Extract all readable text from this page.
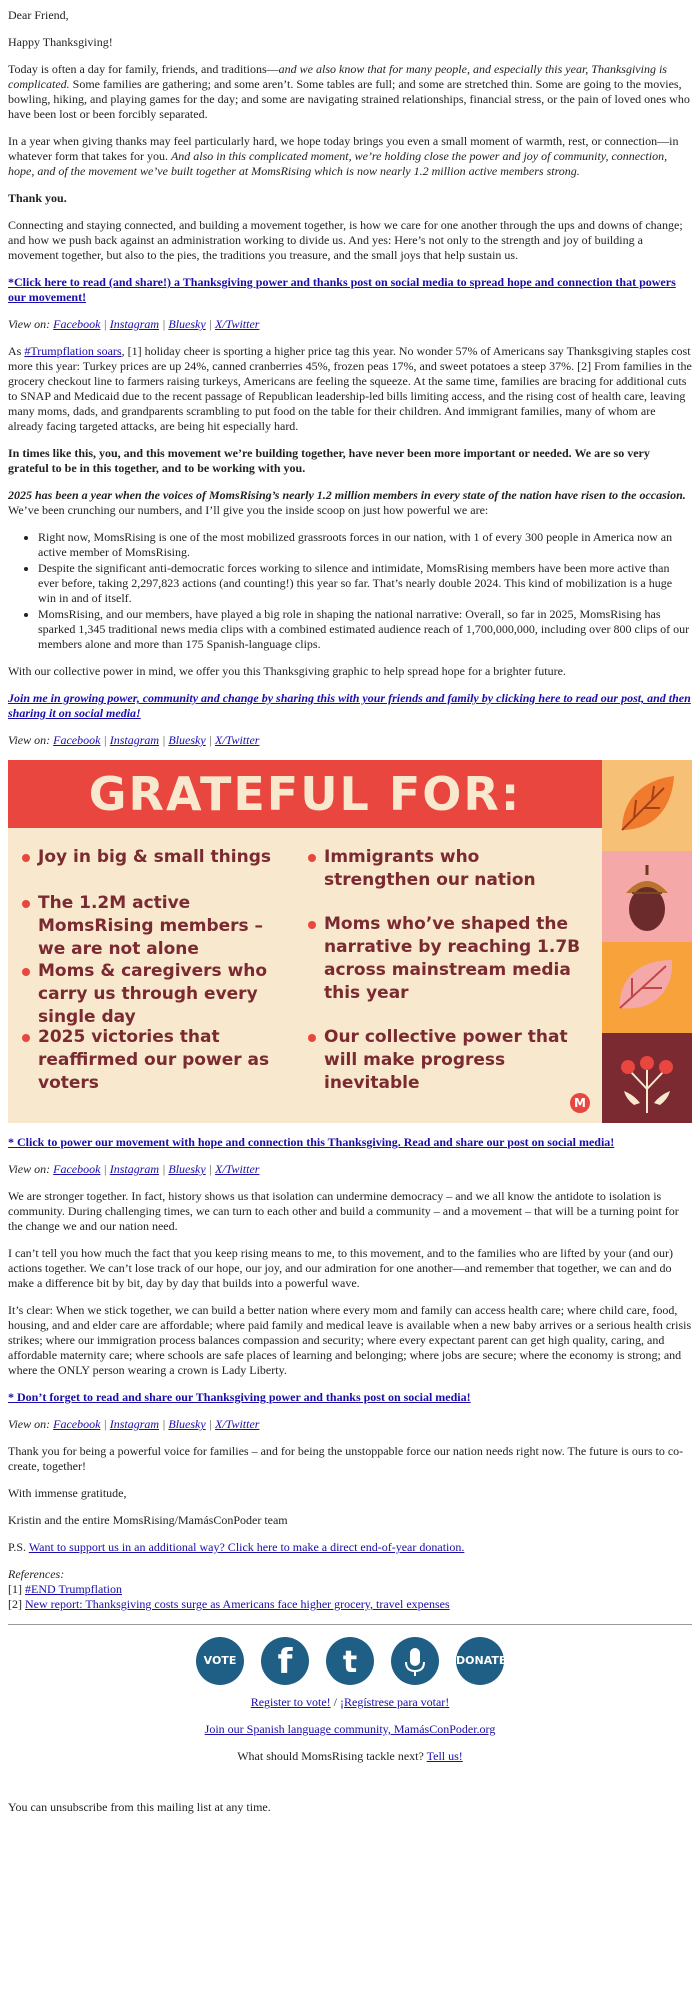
Dear Friend,

Happy Thanksgiving!

Today is often a day for family, friends, and traditions—and we also know that for many people, and especially this year, Thanksgiving is complicated. Some families are gathering; and some aren’t. Some tables are full; and some are stretched thin. Some are going to the movies, bowling, hiking, and playing games for the day; and some are navigating strained relationships, financial stress, or the pain of loved ones who have been lost or been forcibly separated.

In a year when giving thanks may feel particularly hard, we hope today brings you even a small moment of warmth, rest, or connection—in whatever form that takes for you. And also in this complicated moment, we’re holding close the power and joy of community, connection, hope, and of the movement we’ve built together at MomsRising which is now nearly 1.2 million active members strong.

Thank you.

Connecting and staying connected, and building a movement together, is how we care for one another through the ups and downs of change; and how we push back against an administration working to divide us. And yes: Here’s not only to the strength and joy of building a movement together, but also to the pies, the traditions you treasure, and the small joys that help sustain us.

*Click here to read (and share!) a Thanksgiving power and thanks post on social media to spread hope and connection that powers our movement!

View on: Facebook | Instagram | Bluesky | X/Twitter

As #Trumpflation soars, [1] holiday cheer is sporting a higher price tag this year. No wonder 57% of Americans say Thanksgiving staples cost more this year: Turkey prices are up 24%, canned cranberries 45%, frozen peas 17%, and sweet potatoes a steep 37%. [2] From families in the grocery checkout line to farmers raising turkeys, Americans are feeling the squeeze. At the same time, families are bracing for additional cuts to SNAP and Medicaid due to the recent passage of Republican leadership-led bills limiting access, and the rising cost of health care, leaving many moms, dads, and grandparents scrambling to put food on the table for their children. And immigrant families, many of whom are already facing targeted attacks, are being hit especially hard.

In times like this, you, and this movement we’re building together, have never been more important or needed. We are so very grateful to be in this together, and to be working with you.

2025 has been a year when the voices of MomsRising’s nearly 1.2 million members in every state of the nation have risen to the occasion. We’ve been crunching our numbers, and I’ll give you the inside scoop on just how powerful we are:

• Right now, MomsRising is one of the most mobilized grassroots forces in our nation, with 1 of every 300 people in America now an active member of MomsRising.
• Despite the significant anti-democratic forces working to silence and intimidate, MomsRising members have been more active than ever before, taking 2,297,823 actions (and counting!) this year so far. That’s nearly double 2024. This kind of mobilization is a huge win in and of itself.
• MomsRising, and our members, have played a big role in shaping the national narrative: Overall, so far in 2025, MomsRising has sparked 1,345 traditional news media clips with a combined estimated audience reach of 1,700,000,000, including over 800 clips of our members alone and more than 175 Spanish-language clips.

With our collective power in mind, we offer you this Thanksgiving graphic to help spread hope for a brighter future.

Join me in growing power, community and change by sharing this with your friends and family by clicking here to read our post, and then sharing it on social media!

View on: Facebook | Instagram | Bluesky | X/Twitter
GRATEFUL FOR:
Joy in big & small things
The 1.2M active MomsRising members – we are not alone
Moms & caregivers who carry us through every single day
2025 victories that reaffirmed our power as voters
Immigrants who strengthen our nation
Moms who’ve shaped the narrative by reaching 1.7B across mainstream media this year
Our collective power that will make progress inevitable
M

* Click to power our movement with hope and connection this Thanksgiving. Read and share our post on social media!

View on: Facebook | Instagram | Bluesky | X/Twitter

We are stronger together. In fact, history shows us that isolation can undermine democracy – and we all know the antidote to isolation is community. During challenging times, we can turn to each other and build a community – and a movement – that will be a turning point for the change we and our nation need.

I can’t tell you how much the fact that you keep rising means to me, to this movement, and to the families who are lifted by your (and our) actions together. We can’t lose track of our hope, our joy, and our admiration for one another—and remember that together, we can and do make a difference bit by bit, day by day that builds into a powerful wave.

It’s clear: When we stick together, we can build a better nation where every mom and family can access health care; where child care, food, housing, and and elder care are affordable; where paid family and medical leave is available when a new baby arrives or a serious health crisis strikes; where our immigration process balances compassion and security; where every expectant parent can get high quality, caring, and affordable maternity care; where schools are safe places of learning and belonging; where jobs are secure; where the economy is strong; and where the ONLY person wearing a crown is Lady Liberty.

* Don’t forget to read and share our Thanksgiving power and thanks post on social media!

View on: Facebook | Instagram | Bluesky | X/Twitter

Thank you for being a powerful voice for families – and for being the unstoppable force our nation needs right now. The future is ours to co-create, together!

With immense gratitude,

Kristin and the entire MomsRising/MamásConPoder team

P.S. Want to support us in an additional way? Click here to make a direct end-of-year donation.

References:
[1] #END Trumpflation
[2] New report: Thanksgiving costs surge as Americans face higher grocery, travel expenses
VOTE f
t
	DONATE

Register to vote! / ¡Regístrese para votar!

Join our Spanish language community, MamásConPoder.org

What should MomsRising tackle next? Tell us!

You can unsubscribe from this mailing list at any time.
